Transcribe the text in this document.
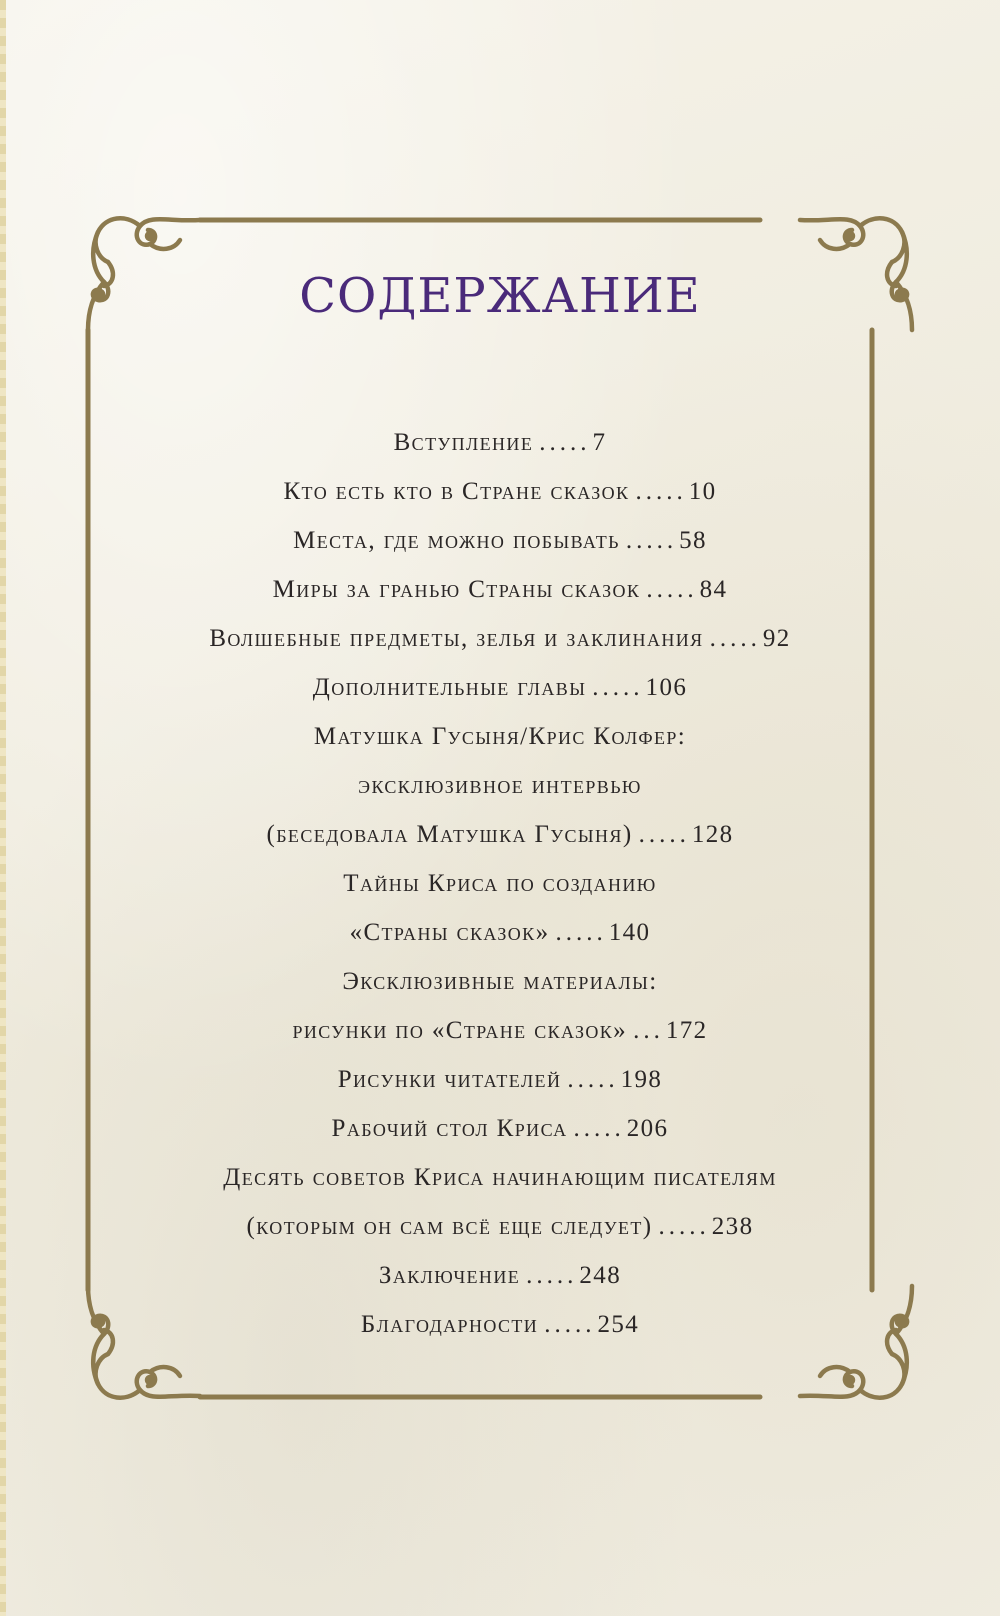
СОДЕРЖАНИЕ
Вступление .....7
Кто есть кто в Стране сказок .....10
Места, где можно побывать .....58
Миры за гранью Страны сказок .....84
Волшебные предметы, зелья и заклинания .....92
Дополнительные главы .....106
Матушка Гусыня/Крис Колфер:
эксклюзивное интервью
(беседовала Матушка Гусыня) .....128
Тайны Криса по созданию
«Страны сказок» .....140
Эксклюзивные материалы:
рисунки по «Стране сказок» ...172
Рисунки читателей .....198
Рабочий стол Криса .....206
Десять советов Криса начинающим писателям
(которым он сам всё еще следует) .....238
Заключение .....248
Благодарности .....254
